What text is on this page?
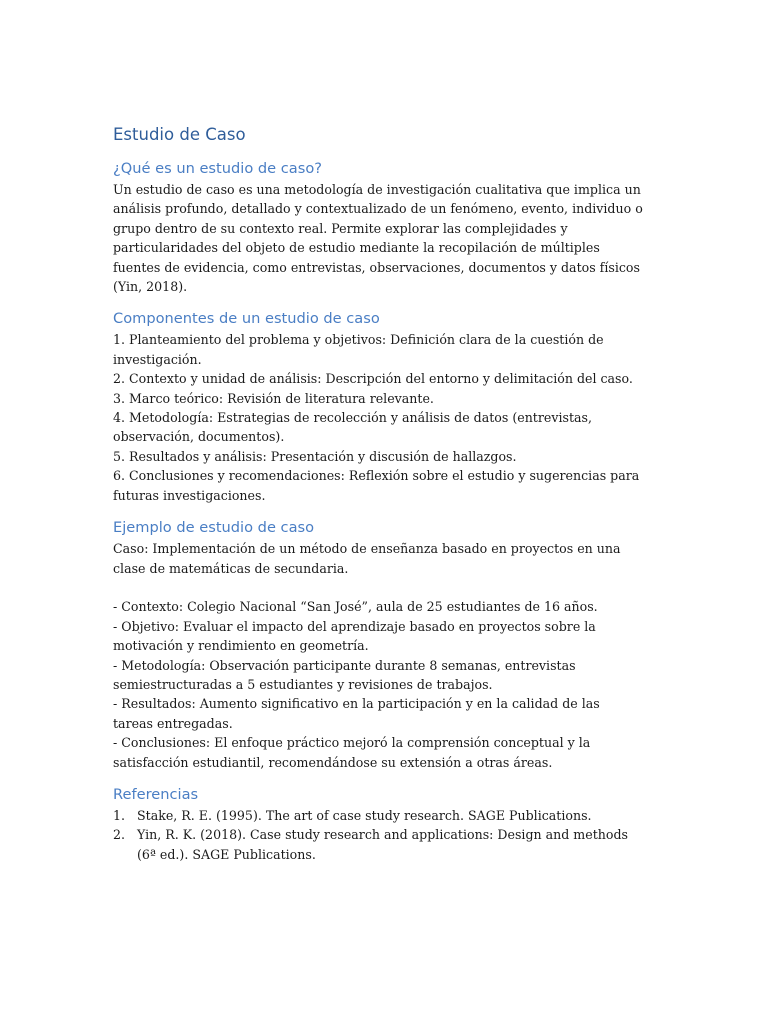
Estudio de Caso
¿Qué es un estudio de caso?

Un estudio de caso es una metodología de investigación cualitativa que implica un análisis profundo, detallado y contextualizado de un fenómeno, evento, individuo o grupo dentro de su contexto real. Permite explorar las complejidades y particularidades del objeto de estudio mediante la recopilación de múltiples fuentes de evidencia, como entrevistas, observaciones, documentos y datos físicos (Yin, 2018).

Componentes de un estudio de caso
1. Planteamiento del problema y objetivos: Definición clara de la cuestión de investigación.
2. Contexto y unidad de análisis: Descripción del entorno y delimitación del caso.
3. Marco teórico: Revisión de literatura relevante.
4. Metodología: Estrategias de recolección y análisis de datos (entrevistas, observación, documentos).
5. Resultados y análisis: Presentación y discusión de hallazgos.
6. Conclusiones y recomendaciones: Reflexión sobre el estudio y sugerencias para futuras investigaciones.
Ejemplo de estudio de caso
Caso: Implementación de un método de enseñanza basado en proyectos en una clase de matemáticas de secundaria.
- Contexto: Colegio Nacional “San José”, aula de 25 estudiantes de 16 años.
- Objetivo: Evaluar el impacto del aprendizaje basado en proyectos sobre la motivación y rendimiento en geometría.
- Metodología: Observación participante durante 8 semanas, entrevistas semiestructuradas a 5 estudiantes y revisiones de trabajos.
- Resultados: Aumento significativo en la participación y en la calidad de las tareas entregadas.
- Conclusiones: El enfoque práctico mejoró la comprensión conceptual y la satisfacción estudiantil, recomendándose su extensión a otras áreas.
Referencias
1. Stake, R. E. (1995). The art of case study research. SAGE Publications.
2. Yin, R. K. (2018). Case study research and applications: Design and methods (6ª ed.). SAGE Publications.
